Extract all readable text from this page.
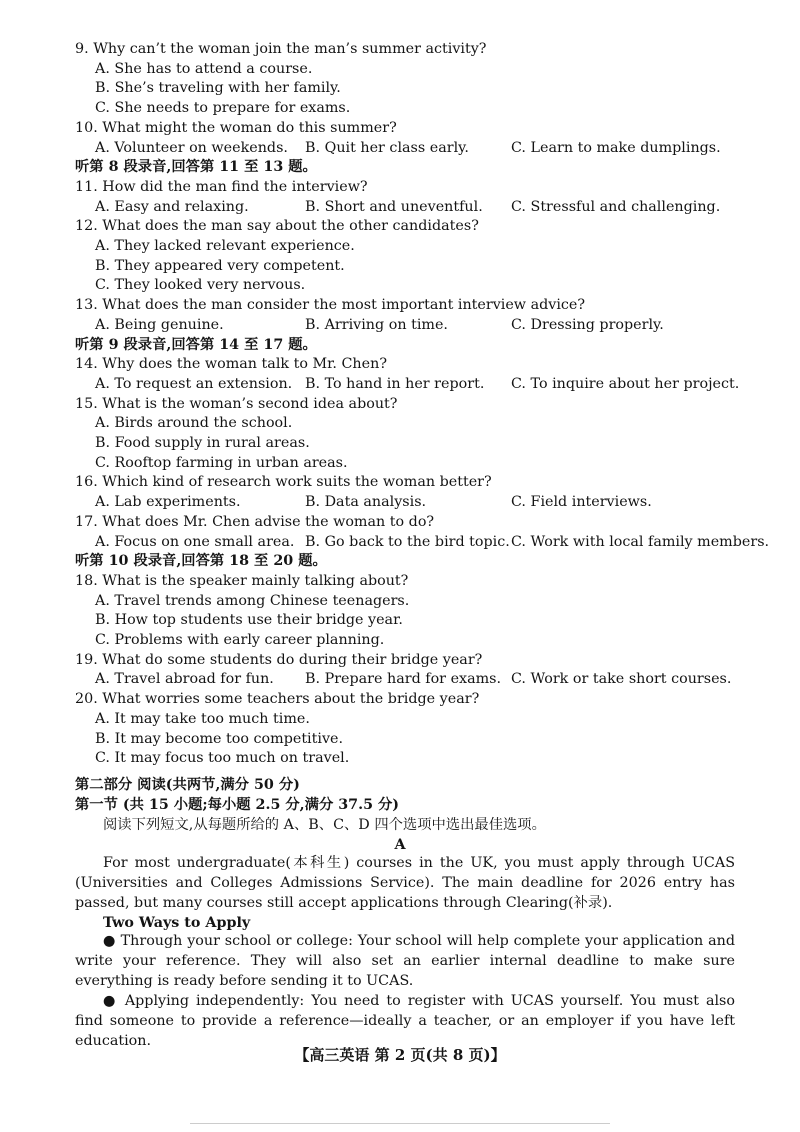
9. Why can’t the woman join the man’s summer activity?
A. She has to attend a course.
B. She’s traveling with her family.
C. She needs to prepare for exams.
10. What might the woman do this summer?
A. Volunteer on weekends. B. Quit her class early.	C. Learn to make dumplings.
听第 8 段录音,回答第 11 至 13 题。
11. How did the man find the interview?
A. Easy and relaxing.	B. Short and uneventful. C. Stressful and challenging.
12. What does the man say about the other candidates?
A. They lacked relevant experience.
B. They appeared very competent.
C. They looked very nervous.
13. What does the man consider the most important interview advice?
A. Being genuine.	B. Arriving on time.	C. Dressing properly.
听第 9 段录音,回答第 14 至 17 题。
14. Why does the woman talk to Mr. Chen?
A. To request an extension. B. To hand in her report. C. To inquire about her project.
15. What is the woman’s second idea about?
A. Birds around the school.
B. Food supply in rural areas.
C. Rooftop farming in urban areas.
16. Which kind of research work suits the woman better?
A. Lab experiments.	B. Data analysis.	C. Field interviews.
17. What does Mr. Chen advise the woman to do?
A. Focus on one small area. B. Go back to the bird topic. C. Work with local family members.
听第 10 段录音,回答第 18 至 20 题。
18. What is the speaker mainly talking about?
A. Travel trends among Chinese teenagers.
B. How top students use their bridge year.
C. Problems with early career planning.
19. What do some students do during their bridge year?
A. Travel abroad for fun. B. Prepare hard for exams. C. Work or take short courses.
20. What worries some teachers about the bridge year?
A. It may take too much time.
B. It may become too competitive.
C. It may focus too much on travel.
第二部分 阅读(共两节,满分 50 分)
第一节 (共 15 小题;每小题 2.5 分,满分 37.5 分)
阅读下列短文,从每题所给的 A、B、C、D 四个选项中选出最佳选项。
A
For most undergraduate(本科生) courses in the UK, you must apply through UCAS (Universities and Colleges Admissions Service). The main deadline for 2026 entry has passed, but many courses still accept applications through Clearing(补录).
Two Ways to Apply
● Through your school or college: Your school will help complete your application and write your reference. They will also set an earlier internal deadline to make sure everything is ready before sending it to UCAS.
● Applying independently: You need to register with UCAS yourself. You must also find someone to provide a reference—ideally a teacher, or an employer if you have left education.
【高三英语 第 2 页(共 8 页)】
